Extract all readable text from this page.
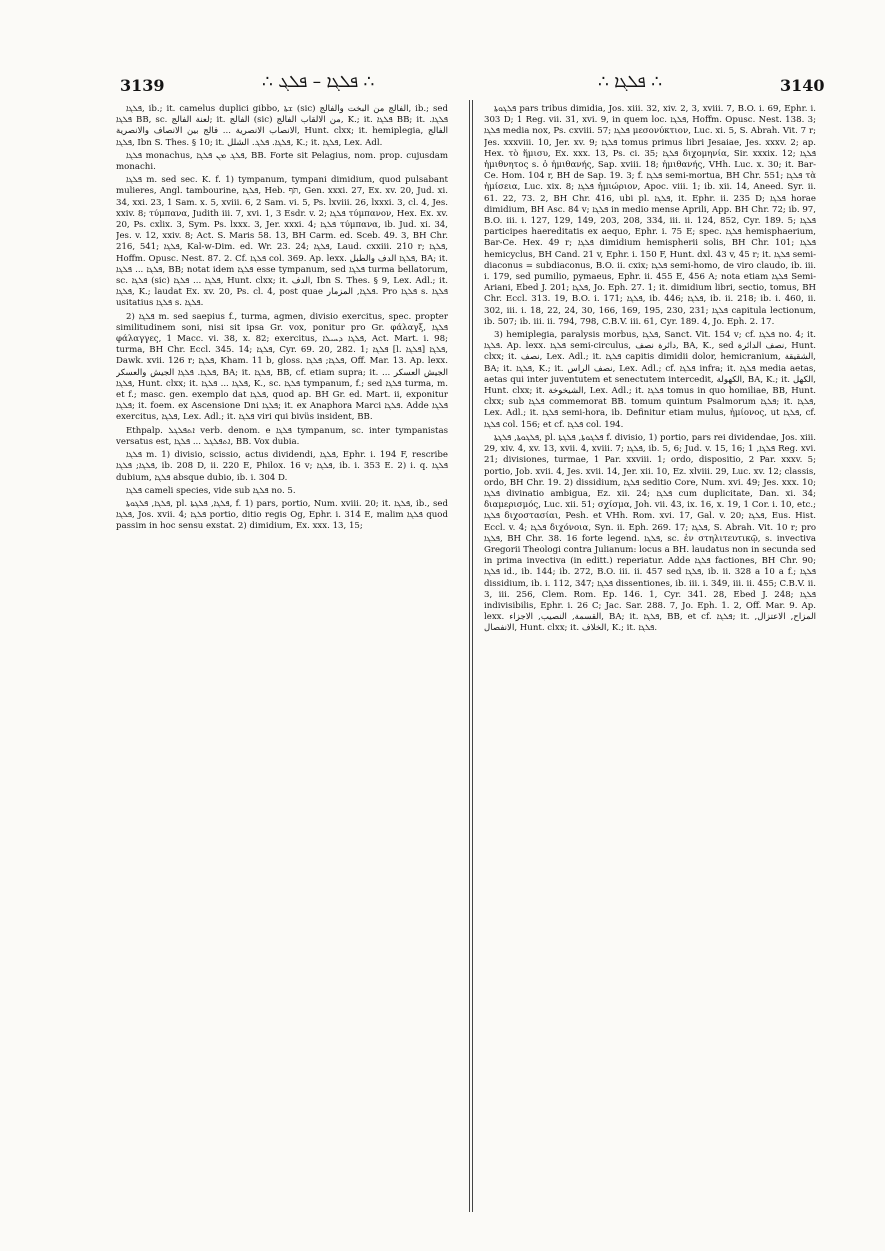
3139	∴ ܦܠܓܐ – ܦܠܓ ∴	∴ ܦܠܓܐ ∴	3140

ܦܠܓܐ, ib.; it. camelus duplici gibbo, ܫܬܐ (sic) الفالج من البخت والفالج, ib.; sed ܦܠܓܐ BB, sc. لعنة الفالج; it. الفالج (sic) من الالقاب الفالج, K.; it. ܦܠܓܐ BB; it. ܦܠܓܐ. الانصاب الانصرية ... فالج بين الانصاف والانصرية, Hunt. clxx; it. hemiplegia, الفالج ܦܠܓܐ, Ibn S. Thes. § 10; it. ܦܠܓܐ. ܦܠܓ. الشلل, K.; it. ܦܠܓܐ, Lex. Adl.

ܦܠܓܐ monachus, ܦܠܓ ܡܢ ܦܠܓܐ, BB. Forte sit Pelagius, nom. prop. cujusdam monachi.

ܦܠܓܐ m. sed sec. K. f. 1) tympanum, tympani dimidium, quod pulsabant mulieres, Angl. tambourine, ܦܠܓܐ, Heb. תֹּף, Gen. xxxi. 27, Ex. xv. 20, Jud. xi. 34, xxi. 23, 1 Sam. x. 5, xviii. 6, 2 Sam. vi. 5, Ps. lxviii. 26, lxxxi. 3, cl. 4, Jes. xxiv. 8; τύμπανα, Judith iii. 7, xvi. 1, 3 Esdr. v. 2; ܦܠܓܐ τύμπανον, Hex. Ex. xv. 20, Ps. cxlix. 3, Sym. Ps. lxxx. 3, Jer. xxxi. 4; ܦܠܓܐ τύμπανα, ib. Jud. xi. 34, Jes. v. 12, xxiv. 8; Act. S. Maris 58. 13, BH Carm. ed. Sceb. 49. 3, BH Chr. 216, 541; ܦܠܓܐ, Kal-w-Dim. ed. Wr. 23. 24; ܦܠܓܐ, Laud. cxxiii. 210 r; ܦܠܓܐ, Hoffm. Opusc. Nest. 87. 2. Cf. ܦܠܓܐ col. 369. Ap. lexx. ܦܠܓܐ الدف والطبل, BA; it. ܦܠܓܐ ... ܦܠܓܐ, BB; notat idem ܦܠܓܐ esse tympanum, sed ܦܠܓܐ turma bellatorum, sc. ܦܠܓܐ (sic) ܦܠܓܐ ... ܦܠܓܐ, Hunt. clxx; it. الدف, Ibn S. Thes. § 9, Lex. Adl.; it. ܦܠܓܐ, K.; laudat Ex. xv. 20, Ps. cl. 4, post quae ܦܠܓܐ, المزمار. Pro ܦܠܓܐ s. ܦܠܓܐ usitatius ܦܠܓܐ s. ܦܠܓܐ.

2) ܦܠܓܐ m. sed saepius f., turma, agmen, divisio exercitus, spec. propter similitudinem soni, nisi sit ipsa Gr. vox, ponitur pro Gr. φάλαγξ, ܦܠܓܐ φάλαγγες, 1 Macc. vi. 38, x. 82; exercitus, ܦܠܓܐ ܕܚܝܠܐ, Act. Mart. i. 98; turma, BH Chr. Eccl. 345. 14; ܦܠܓܐ, Cyr. 69. 20, 282. 1; ܦܠܓܐ [l. ܦܠܓܐ] ܦܠܓܐ, Dawk. xvii. 126 r; ܦܠܓܐ, Kham. 11 b, gloss. ܦܠܓܐ; ܦܠܓܐ, Off. Mar. 13. Ap. lexx. ܦܠܓܐ. ܦܠܓܐ الجيش والعسكر, BA; it. ܦܠܓܐ, BB, cf. etiam supra; it. الجيش العسكر ... ܦܠܓܐ, Hunt. clxx; it. ܦܠܓܐ ... ܦܠܓܐ, K., sc. ܦܠܓܐ tympanum, f.; sed ܦܠܓܐ turma, m. et f.; masc. gen. exemplo dat ܦܠܓܐ, quod ap. BH Gr. ed. Mart. ii, exponitur ܦܠܓܐ; it. foem. ex Ascensione Dni ܦܠܓܐ; it. ex Anaphora Marci ܦܠܓܐ. Adde ܦܠܓܐ exercitus, ܦܠܓܐ, Lex. Adl.; it. ܦܠܓܐ viri qui bivüs insident, BB.

Ethpalp. ܐܬܦܠܓܠ verb. denom. e ܦܠܓܐ tympanum, sc. inter tympanistas versatus est, ܐܬܦܠܓܠ ... ܦܠܓܐ, BB. Vox dubia.

ܦܠܓܐ m. 1) divisio, scissio, actus dividendi, ܦܠܓܐ, Ephr. i. 194 F, rescribe ܦܠܓܐ; ܦܠܓܐ, ib. 208 D, ii. 220 E, Philox. 16 v; ܦܠܓܐ, ib. i. 353 E. 2) i. q. ܦܠܓܐ dubium, ܦܠܓܐ absque dubio, ib. i. 304 D.

ܦܠܓܐ cameli species, vide sub ܦܠܓܐ no. 5.

ܦܠܓܐ, ܦܠܓܘܬܐ, pl. ܦܠܓܐ, ܦܠܓܬܐ, f. 1) pars, portio, Num. xviii. 20; it. ܦܠܓܐ, ib., sed ܦܠܓܐ, Jos. xvii. 4; ܦܠܓܐ portio, ditio regis Og, Ephr. i. 314 E, malim ܦܠܓܐ quod passim in hoc sensu exstat. 2) dimidium, Ex. xxx. 13, 15;

ܦܠܓܘܬܐ pars tribus dimidia, Jos. xiii. 32, xiv. 2, 3, xviii. 7, B.O. i. 69, Ephr. i. 303 D; 1 Reg. vii. 31, xvi. 9, in quem loc. ܦܠܓܐ, Hoffm. Opusc. Nest. 138. 3; ܦܠܓܐ media nox, Ps. cxviii. 57; ܦܠܓܐ μεσονύκτιον, Luc. xi. 5, S. Abrah. Vit. 7 r; Jes. xxxviii. 10, Jer. xv. 9; ܦܠܓܐ tomus primus libri Jesaiae, Jes. xxxv. 2; ap. Hex. τὸ ἥμισυ, Ex. xxx. 13, Ps. ci. 35; ܦܠܓܐ διχομηνία, Sir. xxxix. 12; ܦܠܓܐ ἡμιθνητος s. ὁ ἡμιθανής, Sap. xviii. 18; ἡμιθανής, VHh. Luc. x. 30; it. Bar-Ce. Hom. 104 r, BH de Sap. 19. 3; f. ܦܠܓܐ semi-mortua, BH Chr. 551; ܦܠܓܐ τὰ ἡμίσεια, Luc. xix. 8; ܦܠܓܐ ἡμιώριον, Apoc. viii. 1; ib. xii. 14, Aneed. Syr. ii. 61. 22, 73. 2, BH Chr. 416, ubi pl. ܦܠܓܐ, it. Ephr. ii. 235 D; ܦܠܓܐ horae dimidium, BH Asc. 84 v; ܦܠܓܐ in medio mense Aprili, App. BH Chr. 72; ib. 97, B.O. iii. i. 127, 129, 149, 203, 208, 334, iii. ii. 124, 852, Cyr. 189. 5; ܦܠܓܐ participes haereditatis ex aequo, Ephr. i. 75 E; spec. ܦܠܓܐ hemisphaerium, Bar-Ce. Hex. 49 r; ܦܠܓܐ dimidium hemispherii solis, BH Chr. 101; ܦܠܓܐ hemicyclus, BH Cand. 21 v, Ephr. i. 150 F, Hunt. dxl. 43 v, 45 r; it. ܦܠܓܐ semi-diaconus = subdiaconus, B.O. ii. cxix; ܦܠܓܐ semi-homo, de viro claudo, ib. iii. i. 179, sed pumilio, pymaeus, Ephr. ii. 455 E, 456 A; nota etiam ܦܠܓܐ Semi-Ariani, Ebed J. 201; ܦܠܓܐ, Jo. Eph. 27. 1; it. dimidium libri, sectio, tomus, BH Chr. Eccl. 313. 19, B.O. i. 171; ܦܠܓܐ, ib. 446; ܦܠܓܐ, ib. ii. 218; ib. i. 460, ii. 302, iii. i. 18, 22, 24, 30, 166, 169, 195, 230, 231; ܦܠܓܐ capitula lectionum, ib. 507; ib. iii. ii. 794, 798, C.B.V. iii. 61, Cyr. 189. 4, Jo. Eph. 2. 17.

3) hemiplegia, paralysis morbus, ܦܠܓܐ, Sanct. Vit. 154 v; cf. ܦܠܓܐ no. 4; it. ܦܠܓܐ. Ap. lexx. ܦܠܓܐ semi-circulus, دائرة نصف, BA, K., sed نصف الدائرة, Hunt. clxx; it. نصف, Lex. Adl.; it. ܦܠܓܐ capitis dimidii dolor, hemicranium, الشقيقة, BA; it. ܦܠܓܐ, K.; it. نصف الراس, Lex. Adl.; cf. ܦܠܓܐ infra; it. ܦܠܓܐ media aetas, aetas qui inter juventutem et senectutem intercedit, الكهولة, BA, K.; it. الكهل, Hunt. clxx; it. الشيخوخة, Lex. Adl.; it. ܦܠܓܐ tomus in quo homiliae, BB, Hunt. clxx; sub ܦܠܓܐ commemorat BB. tomum quintum Psalmorum ܦܠܓܐ; it. ܦܠܓܐ, Lex. Adl.; it. ܦܠܓܐ semi-hora, ib. Definitur etiam mulus, ἡμίονος, ut ܦܠܓܐ, cf. ܦܠܓܐ col. 156; et cf. ܦܠܓܐ col. 194.

ܦܠܓܘܬܐ, ܦܠܓܬܐ, pl. ܦܠܓܘܬܐ, ܦܠܓܬܐ f. divisio, 1) portio, pars rei dividendae, Jos. xiii. 29, xiv. 4, xv. 13, xvii. 4, xviii. 7; ܦܠܓܐ, ib. 5, 6; Jud. v. 15, 16; ܦܠܓܐ, 1 Reg. xvi. 21; divisiones, turmae, 1 Par. xxviii. 1; ordo, dispositio, 2 Par. xxxv. 5; portio, Job. xvii. 4, Jes. xvii. 14, Jer. xii. 10, Ez. xlviii. 29, Luc. xv. 12; classis, ordo, BH Chr. 19. 2) dissidium, ܦܠܓܐ seditio Core, Num. xvi. 49; Jes. xxx. 10; ܦܠܓܐ divinatio ambigua, Ez. xii. 24; ܦܠܓܐ cum duplicitate, Dan. xi. 34; διαμερισμός, Luc. xii. 51; σχίσμα, Joh. vii. 43, ix. 16, x. 19, 1 Cor. i. 10, etc.; ܦܠܓܐ διχοστασίαι, Pesh. et VHh. Rom. xvi. 17, Gal. v. 20; ܦܠܓܐ, Eus. Hist. Eccl. v. 4; ܦܠܓܐ διχόνοια, Syn. ii. Eph. 269. 17; ܦܠܓܐ, S. Abrah. Vit. 10 r; pro ܦܠܓܐ, BH Chr. 38. 16 forte legend. ܦܠܓܐ, sc. ἐν στηλιτευτικῷ, s. invectiva Gregorii Theologi contra Julianum: locus a BH. laudatus non in secunda sed in prima invectiva (in editt.) reperiatur. Adde ܦܠܓܐ factiones, BH Chr. 90; ܦܠܓܐ id., ib. 144; ib. 272, B.O. iii. ii. 457 sed ܦܠܓܐ, ib. ii. 328 a 10 a f.; ܦܠܓܐ dissidium, ib. i. 112, 347; ܦܠܓܐ dissentiones, ib. iii. i. 349, iii. ii. 455; C.B.V. ii. 3, iii. 256, Clem. Rom. Ep. 146. 1, Cyr. 341. 28, Ebed J. 248; ܦܠܓܐ indivisibilis, Ephr. i. 26 C; Jac. Sar. 288. 7, Jo. Eph. 1. 2, Off. Mar. 9. Ap. lexx. القسمة, النصيب, الاجزاء, BA; it. ܦܠܓܐ, BB, et cf. ܦܠܓܐ; it. المزاح, الاعتزال, الانفصال, Hunt. clxx; it. الخلاف, K.; it. ܦܠܓܐ.
